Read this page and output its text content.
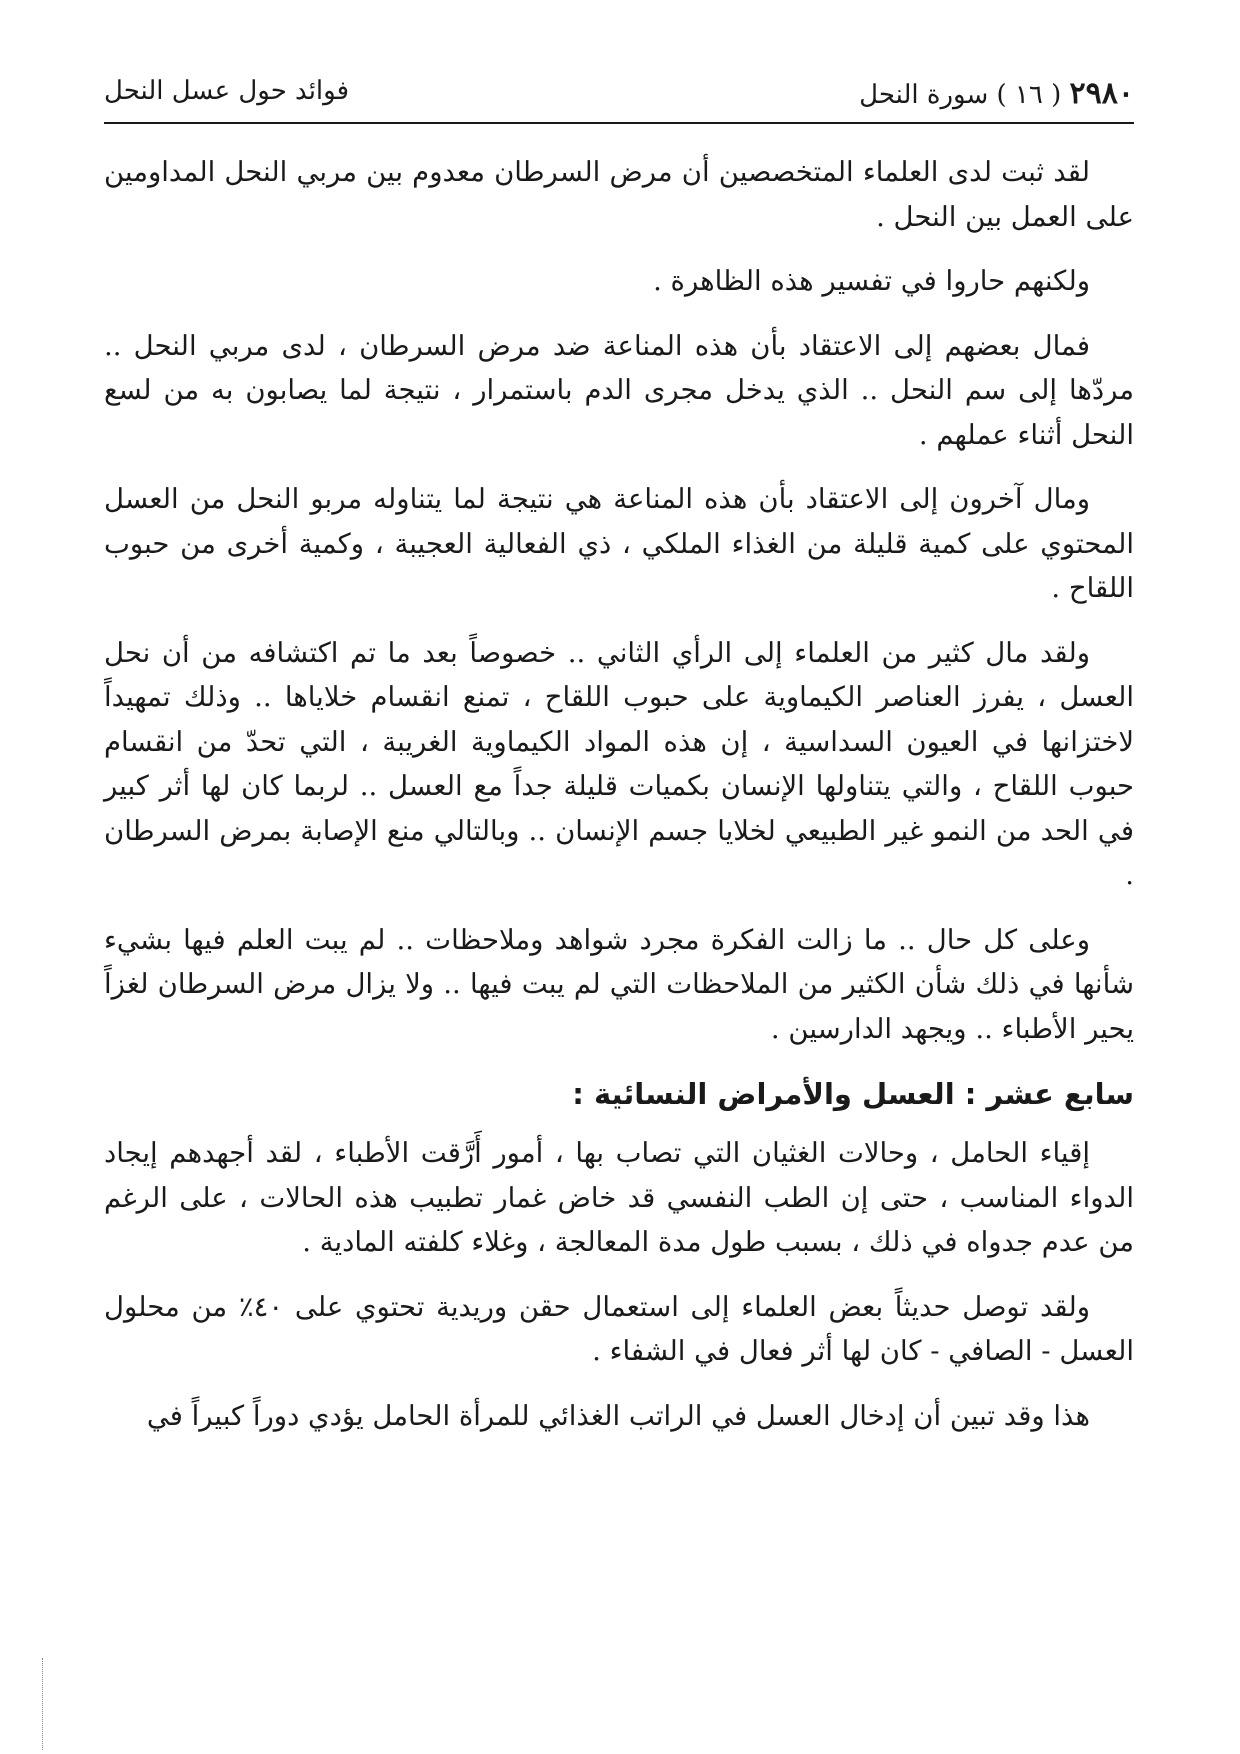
٢٩٨٠ ( ١٦ ) سورة النحل
فوائد حول عسل النحل

لقد ثبت لدى العلماء المتخصصين أن مرض السرطان معدوم بين مربي النحل المداومين على العمل بين النحل .

ولكنهم حاروا في تفسير هذه الظاهرة .

فمال بعضهم إلى الاعتقاد بأن هذه المناعة ضد مرض السرطان ، لدى مربي النحل .. مردّها إلى سم النحل .. الذي يدخل مجرى الدم باستمرار ، نتيجة لما يصابون به من لسع النحل أثناء عملهم .

ومال آخرون إلى الاعتقاد بأن هذه المناعة هي نتيجة لما يتناوله مربو النحل من العسل المحتوي على كمية قليلة من الغذاء الملكي ، ذي الفعالية العجيبة ، وكمية أخرى من حبوب اللقاح .

ولقد مال كثير من العلماء إلى الرأي الثاني .. خصوصاً بعد ما تم اكتشافه من أن نحل العسل ، يفرز العناصر الكيماوية على حبوب اللقاح ، تمنع انقسام خلاياها .. وذلك تمهيداً لاختزانها في العيون السداسية ، إن هذه المواد الكيماوية الغريبة ، التي تحدّ من انقسام حبوب اللقاح ، والتي يتناولها الإنسان بكميات قليلة جداً مع العسل .. لربما كان لها أثر كبير في الحد من النمو غير الطبيعي لخلايا جسم الإنسان .. وبالتالي منع الإصابة بمرض السرطان .

وعلى كل حال .. ما زالت الفكرة مجرد شواهد وملاحظات .. لم يبت العلم فيها بشيء شأنها في ذلك شأن الكثير من الملاحظات التي لم يبت فيها .. ولا يزال مرض السرطان لغزاً يحير الأطباء .. ويجهد الدارسين .

سابع عشر : العسل والأمراض النسائية :

إقياء الحامل ، وحالات الغثيان التي تصاب بها ، أمور أَرَّقت الأطباء ، لقد أجهدهم إيجاد الدواء المناسب ، حتى إن الطب النفسي قد خاض غمار تطبيب هذه الحالات ، على الرغم من عدم جدواه في ذلك ، بسبب طول مدة المعالجة ، وغلاء كلفته المادية .

ولقد توصل حديثاً بعض العلماء إلى استعمال حقن وريدية تحتوي على ٤٠٪ من محلول العسل - الصافي - كان لها أثر فعال في الشفاء .

هذا وقد تبين أن إدخال العسل في الراتب الغذائي للمرأة الحامل يؤدي دوراً كبيراً في
